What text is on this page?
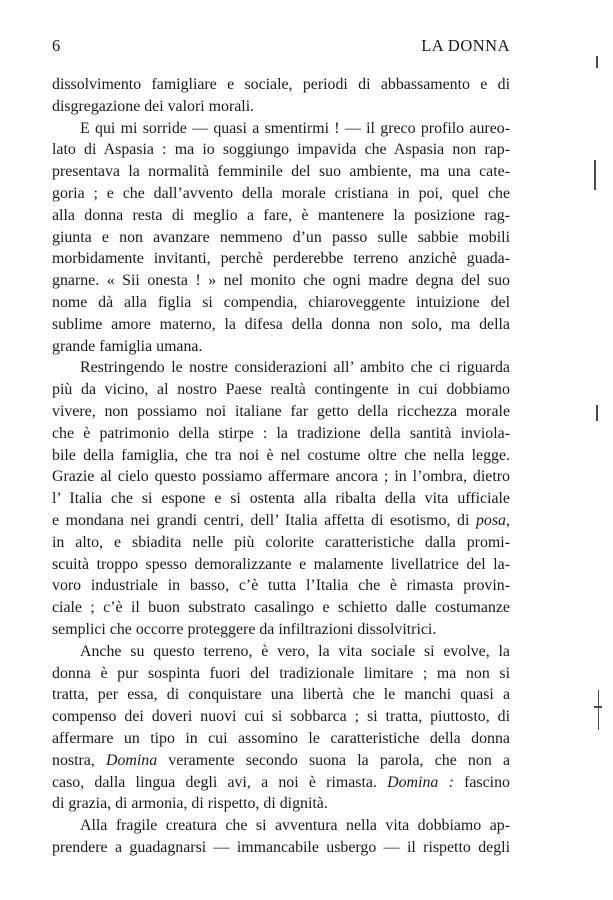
6	LA DONNA
dissolvimento famigliare e sociale, periodi di abbassamento e di
disgregazione dei valori morali.
E qui mi sorride — quasi a smentirmi ! — il greco profilo aureo-
lato di Aspasia : ma io soggiungo impavida che Aspasia non rap-
presentava la normalità femminile del suo ambiente, ma una cate-
goria ; e che dall’avvento della morale cristiana in poi, quel che
alla donna resta di meglio a fare, è mantenere la posizione rag-
giunta e non avanzare nemmeno d’un passo sulle sabbie mobili
morbidamente invitanti, perchè perderebbe terreno anzichè guada-
gnarne. « Sii onesta ! » nel monito che ogni madre degna del suo
nome dà alla figlia si compendia, chiaroveggente intuizione del
sublime amore materno, la difesa della donna non solo, ma della
grande famiglia umana.
Restringendo le nostre considerazioni all’ ambito che ci riguarda
più da vicino, al nostro Paese realtà contingente in cui dobbiamo
vivere, non possiamo noi italiane far getto della ricchezza morale
che è patrimonio della stirpe : la tradizione della santità inviola-
bile della famiglia, che tra noi è nel costume oltre che nella legge.
Grazie al cielo questo possiamo affermare ancora ; in l’ombra, dietro
l’ Italia che si espone e si ostenta alla ribalta della vita ufficiale
e mondana nei grandi centri, dell’ Italia affetta di esotismo, di posa,
in alto, e sbiadita nelle più colorite caratteristiche dalla promi-
scuità troppo spesso demoralizzante e malamente livellatrice del la-
voro industriale in basso, c’è tutta l’Italia che è rimasta provin-
ciale ; c’è il buon substrato casalingo e schietto dalle costumanze
semplici che occorre proteggere da infiltrazioni dissolvitrici.
Anche su questo terreno, è vero, la vita sociale si evolve, la
donna è pur sospinta fuori del tradizionale limitare ; ma non si
tratta, per essa, di conquistare una libertà che le manchi quasi a
compenso dei doveri nuovi cui si sobbarca ; si tratta, piuttosto, di
affermare un tipo in cui assomino le caratteristiche della donna
nostra, Domina veramente secondo suona la parola, che non a
caso, dalla lingua degli avi, a noi è rimasta. Domina : fascino
di grazia, di armonia, di rispetto, di dignità.
Alla fragile creatura che si avventura nella vita dobbiamo ap-
prendere a guadagnarsi — immancabile usbergo — il rispetto degli
